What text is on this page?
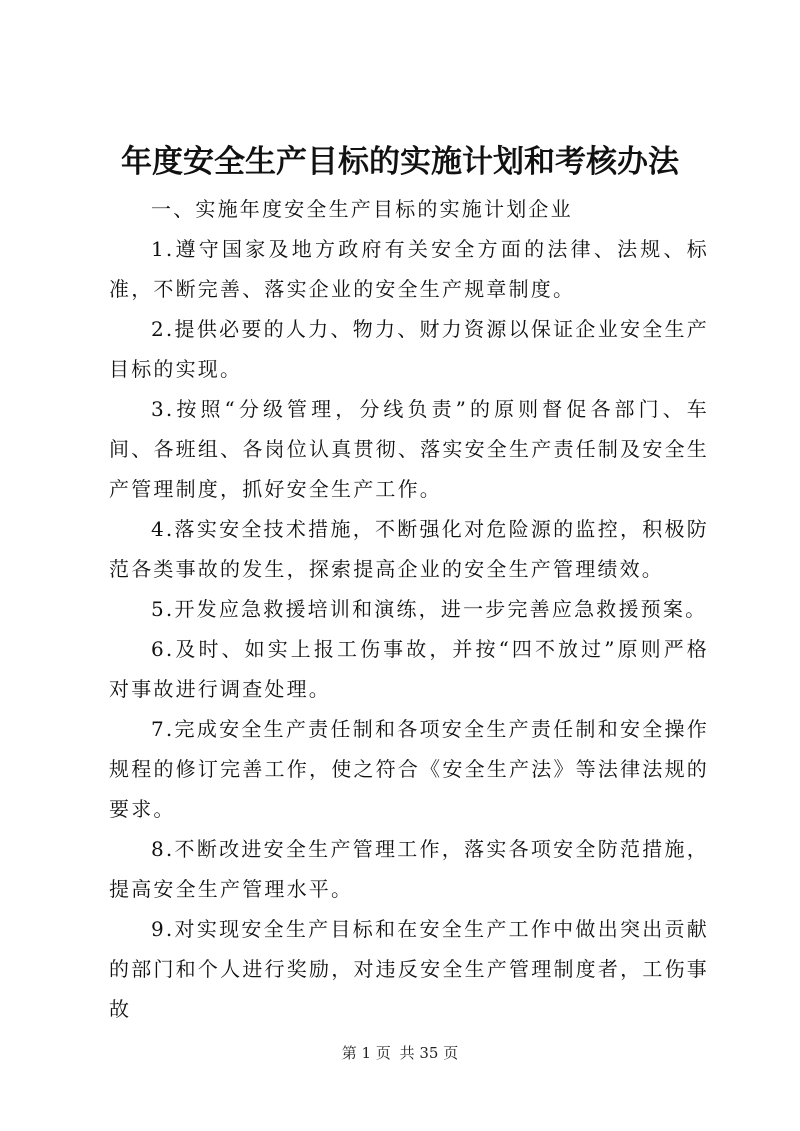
年度安全生产目标的实施计划和考核办法

一、实施年度安全生产目标的实施计划企业

1.遵守国家及地方政府有关安全方面的法律、法规、标准，不断完善、落实企业的安全生产规章制度。

2.提供必要的人力、物力、财力资源以保证企业安全生产目标的实现。

3.按照“分级管理，分线负责”的原则督促各部门、车间、各班组、各岗位认真贯彻、落实安全生产责任制及安全生产管理制度，抓好安全生产工作。

4.落实安全技术措施，不断强化对危险源的监控，积极防范各类事故的发生，探索提高企业的安全生产管理绩效。

5.开发应急救援培训和演练，进一步完善应急救援预案。

6.及时、如实上报工伤事故，并按“四不放过”原则严格对事故进行调查处理。

7.完成安全生产责任制和各项安全生产责任制和安全操作规程的修订完善工作，使之符合《安全生产法》等法律法规的要求。

8.不断改进安全生产管理工作，落实各项安全防范措施，提高安全生产管理水平。

9.对实现安全生产目标和在安全生产工作中做出突出贡献的部门和个人进行奖励，对违反安全生产管理制度者，工伤事故

第 1 页 共 35 页
